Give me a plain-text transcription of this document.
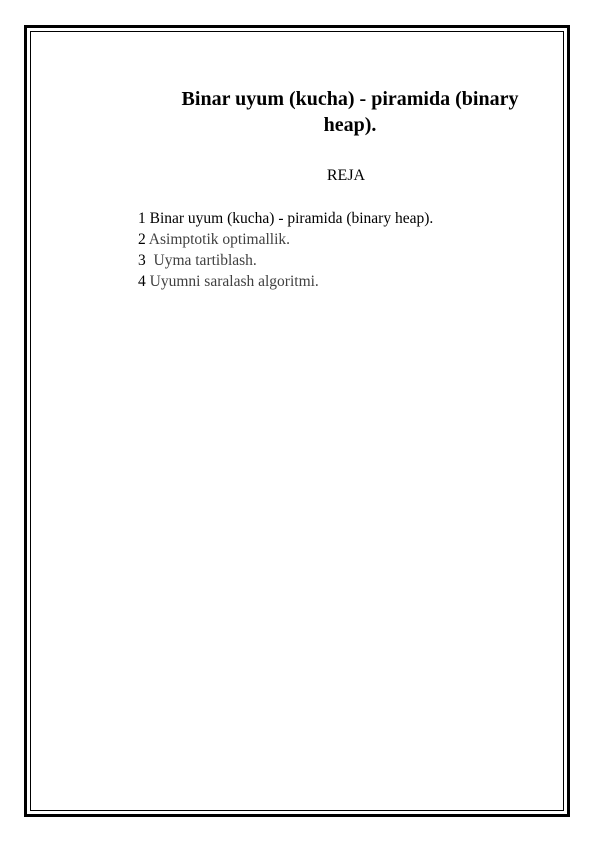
Binar uyum (kucha) - piramida (binary
heap).

REJA

1 Binar uyum (kucha) - piramida (binary heap).
2 Asimptotik optimallik.
3  Uyma tartiblash.
4 Uyumni saralash algoritmi.
